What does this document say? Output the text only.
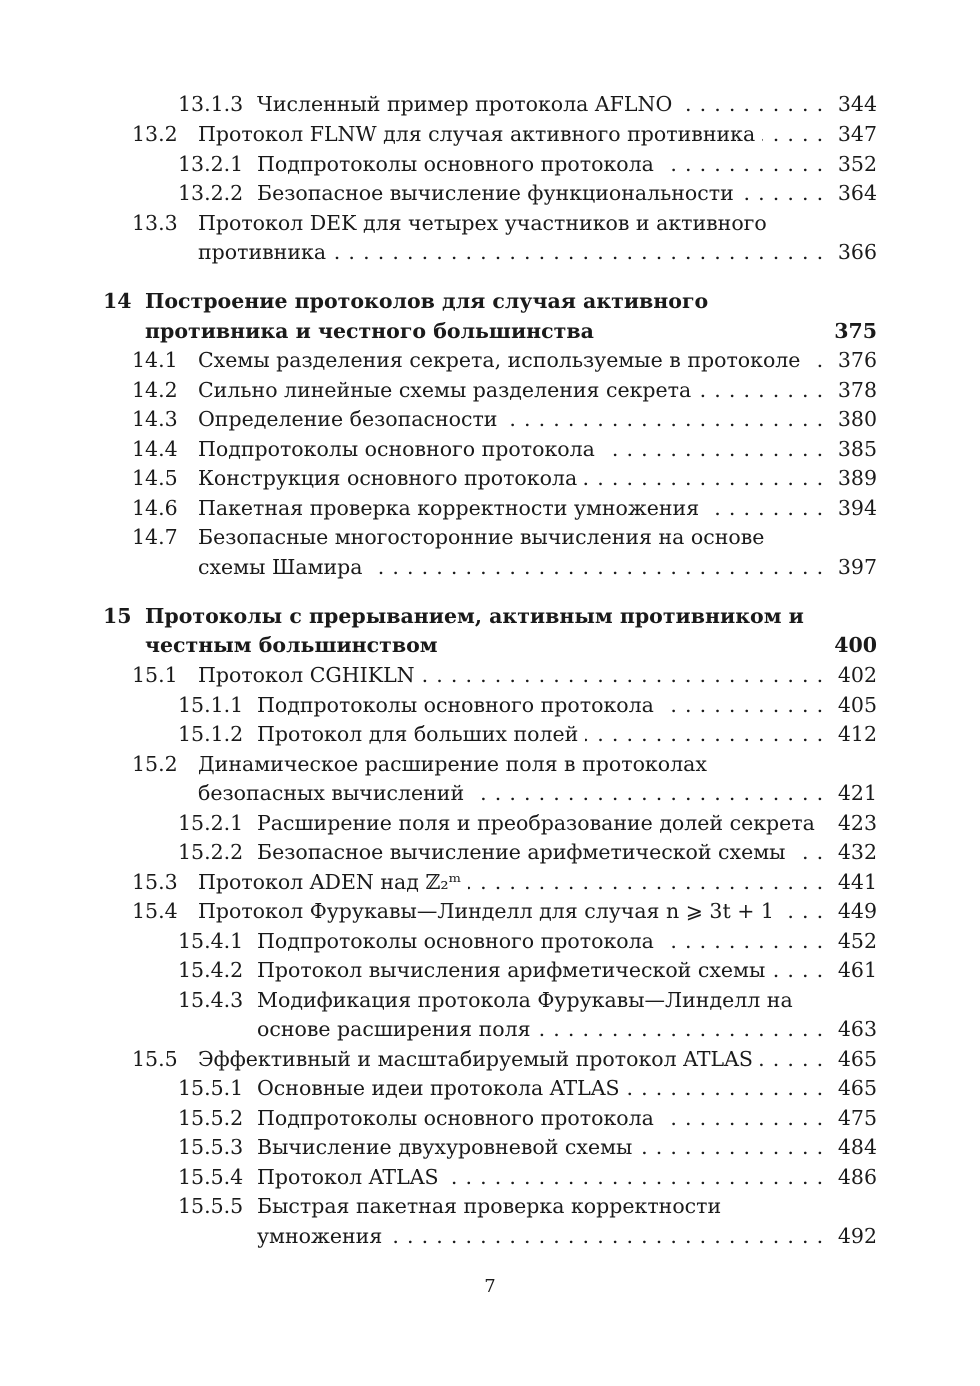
13.1.3 Численный пример протокола AFLNO . . .	344
13.2 Протокол FLNW для случая активного противника . . .	347
13.2.1 Подпротоколы основного протокола . . .	352
13.2.2 Безопасное вычисление функциональности . . .	364
13.3 Протокол DEK для четырех участников и активного
противника . . .	366
14 Построение протоколов для случая активного
противника и честного большинства	375
14.1 Схемы разделения секрета, используемые в протоколе . . .	376
14.2 Сильно линейные схемы разделения секрета . . .	378
14.3 Определение безопасности . . .	380
14.4 Подпротоколы основного протокола . . .	385
14.5 Конструкция основного протокола . . .	389
14.6 Пакетная проверка корректности умножения . . .	394
14.7 Безопасные многосторонние вычисления на основе
схемы Шамира . . .	397
15 Протоколы с прерыванием, активным противником и
честным большинством	400
15.1 Протокол CGHIKLN . . .	402
15.1.1 Подпротоколы основного протокола . . .	405
15.1.2 Протокол для больших полей . . .	412
15.2 Динамическое расширение поля в протоколах
безопасных вычислений . . .	421
15.2.1 Расширение поля и преобразование долей секрета . . .	423
15.2.2 Безопасное вычисление арифметической схемы . . .	432
15.3 Протокол ADEN над ℤ₂ᵐ . . .	441
15.4 Протокол Фурукавы—Линделл для случая n ⩾ 3t + 1 . . .	449
15.4.1 Подпротоколы основного протокола . . .	452
15.4.2 Протокол вычисления арифметической схемы . . .	461
15.4.3 Модификация протокола Фурукавы—Линделл на
основе расширения поля . . .	463
15.5 Эффективный и масштабируемый протокол ATLAS . . .	465
15.5.1 Основные идеи протокола ATLAS . . .	465
15.5.2 Подпротоколы основного протокола . . .	475
15.5.3 Вычисление двухуровневой схемы . . .	484
15.5.4 Протокол ATLAS . . .	486
15.5.5 Быстрая пакетная проверка корректности
умножения . . .	492
7
